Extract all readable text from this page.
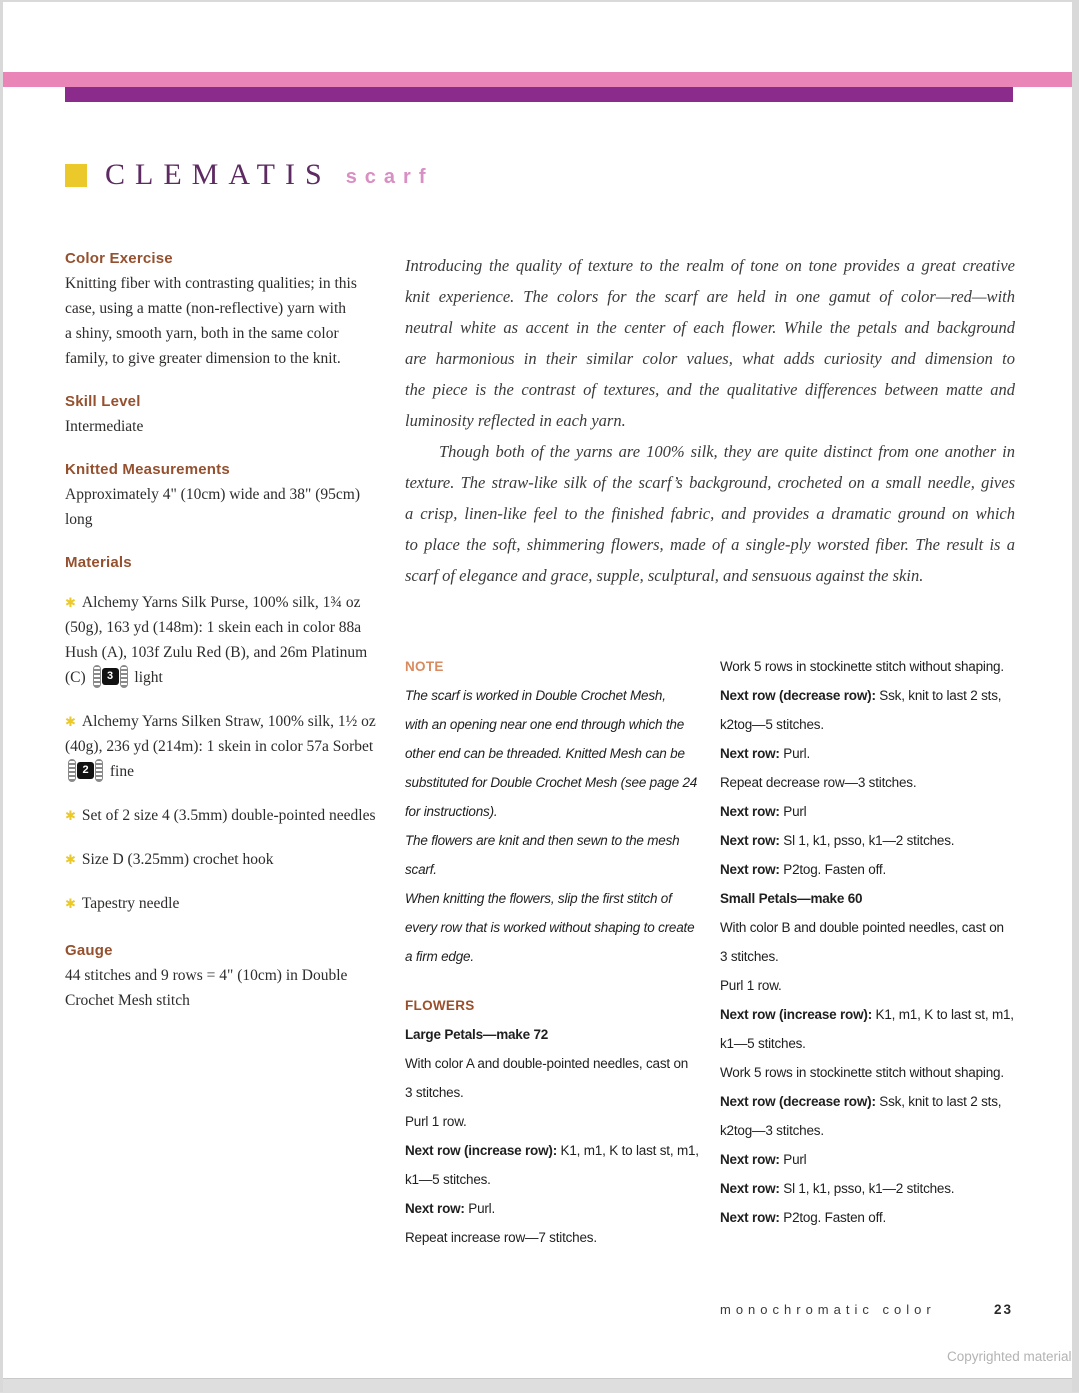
CLEMATIS scarf
Color Exercise
Knitting fiber with contrasting qualities; in this
case, using a matte (non-reflective) yarn with
a shiny, smooth yarn, both in the same color
family, to give greater dimension to the knit.
Skill Level
Intermediate
Knitted Measurements
Approximately 4" (10cm) wide and 38" (95cm)
long
Materials
✱ Alchemy Yarns Silk Purse, 100% silk, 1¾ oz (50g), 163 yd (148m): 1 skein each in color 88a Hush (A), 103f Zulu Red (B), and 26m Platinum (C)	3	light
✱ Alchemy Yarns Silken Straw, 100% silk, 1½ oz (40g), 236 yd (214m): 1 skein in color 57a Sorbet
2	fine
✱ Set of 2 size 4 (3.5mm) double-pointed needles
✱ Size D (3.25mm) crochet hook
✱ Tapestry needle
Gauge
44 stitches and 9 rows = 4" (10cm) in Double
Crochet Mesh stitch
Introducing the quality of texture to the realm of tone on tone provides a great creative
knit experience. The colors for the scarf are held in one gamut of color—red—with
neutral white as accent in the center of each flower. While the petals and background
are harmonious in their similar color values, what adds curiosity and dimension to
the piece is the contrast of textures, and the qualitative differences between matte and
luminosity reflected in each yarn.
Though both of the yarns are 100% silk, they are quite distinct from one another in
texture. The straw-like silk of the scarf’s background, crocheted on a small needle, gives
a crisp, linen-like feel to the finished fabric, and provides a dramatic ground on which
to place the soft, shimmering flowers, made of a single-ply worsted fiber. The result is a
scarf of elegance and grace, supple, sculptural, and sensuous against the skin.
NOTE
The scarf is worked in Double Crochet Mesh,
with an opening near one end through which the
other end can be threaded. Knitted Mesh can be
substituted for Double Crochet Mesh (see page 24
for instructions).
The flowers are knit and then sewn to the mesh
scarf.
When knitting the flowers, slip the first stitch of
every row that is worked without shaping to create
a firm edge.
FLOWERS
Large Petals—make 72
With color A and double-pointed needles, cast on
3 stitches.
Purl 1 row.
Next row (increase row): K1, m1, K to last st, m1,
k1—5 stitches.
Next row: Purl.
Repeat increase row—7 stitches.
Work 5 rows in stockinette stitch without shaping.
Next row (decrease row): Ssk, knit to last 2 sts,
k2tog—5 stitches.
Next row: Purl.
Repeat decrease row—3 stitches.
Next row: Purl
Next row: Sl 1, k1, psso, k1—2 stitches.
Next row: P2tog. Fasten off.
Small Petals—make 60
With color B and double pointed needles, cast on
3 stitches.
Purl 1 row.
Next row (increase row): K1, m1, K to last st, m1,
k1—5 stitches.
Work 5 rows in stockinette stitch without shaping.
Next row (decrease row): Ssk, knit to last 2 sts,
k2tog—3 stitches.
Next row: Purl
Next row: Sl 1, k1, psso, k1—2 stitches.
Next row: P2tog. Fasten off.
monochromatic color	23
Copyrighted material
